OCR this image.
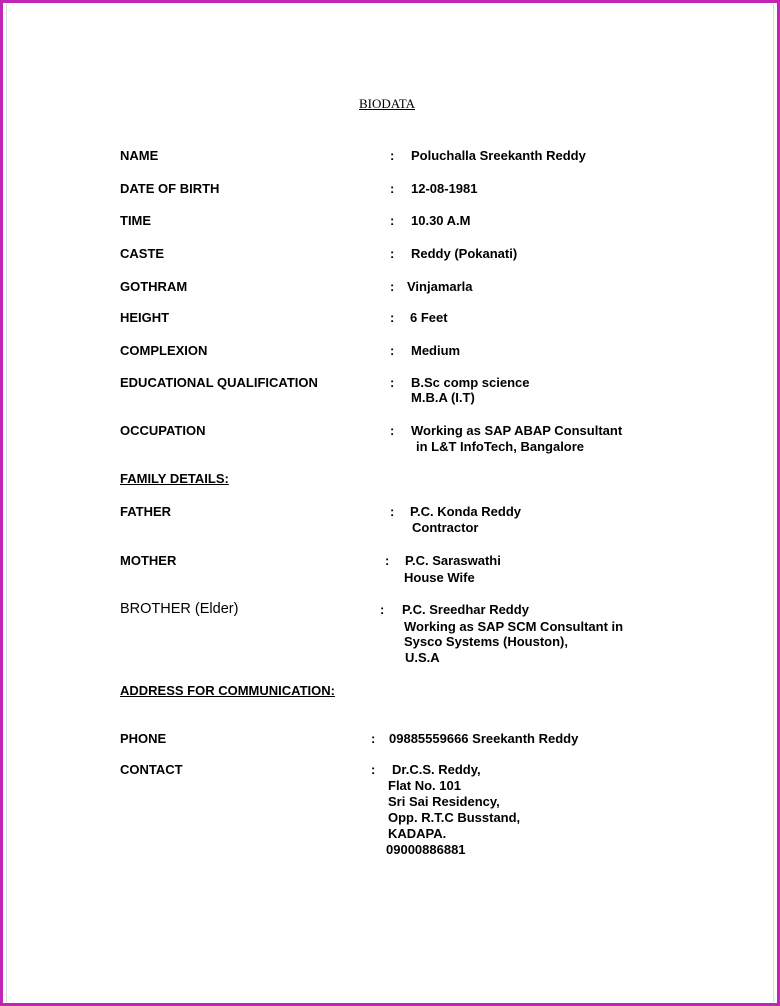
BIODATA
NAME	: Poluchalla Sreekanth Reddy
DATE OF BIRTH	: 12-08-1981
TIME	: 10.30 A.M
CASTE	: Reddy (Pokanati)
GOTHRAM	: Vinjamarla
HEIGHT	: 6 Feet
COMPLEXION	: Medium
EDUCATIONAL QUALIFICATION	: B.Sc comp science
M.B.A (I.T)
OCCUPATION	: Working as SAP ABAP Consultant
in L&T InfoTech, Bangalore
FAMILY DETAILS:
FATHER	: P.C. Konda Reddy
Contractor
MOTHER	: P.C. Saraswathi
House Wife
BROTHER (Elder)	: P.C. Sreedhar Reddy
Working as SAP SCM Consultant in
Sysco Systems (Houston),
U.S.A
ADDRESS FOR COMMUNICATION:
PHONE	: 09885559666 Sreekanth Reddy
CONTACT	: Dr.C.S. Reddy,
Flat No. 101
Sri Sai Residency,
Opp. R.T.C Busstand,
KADAPA.
09000886881
